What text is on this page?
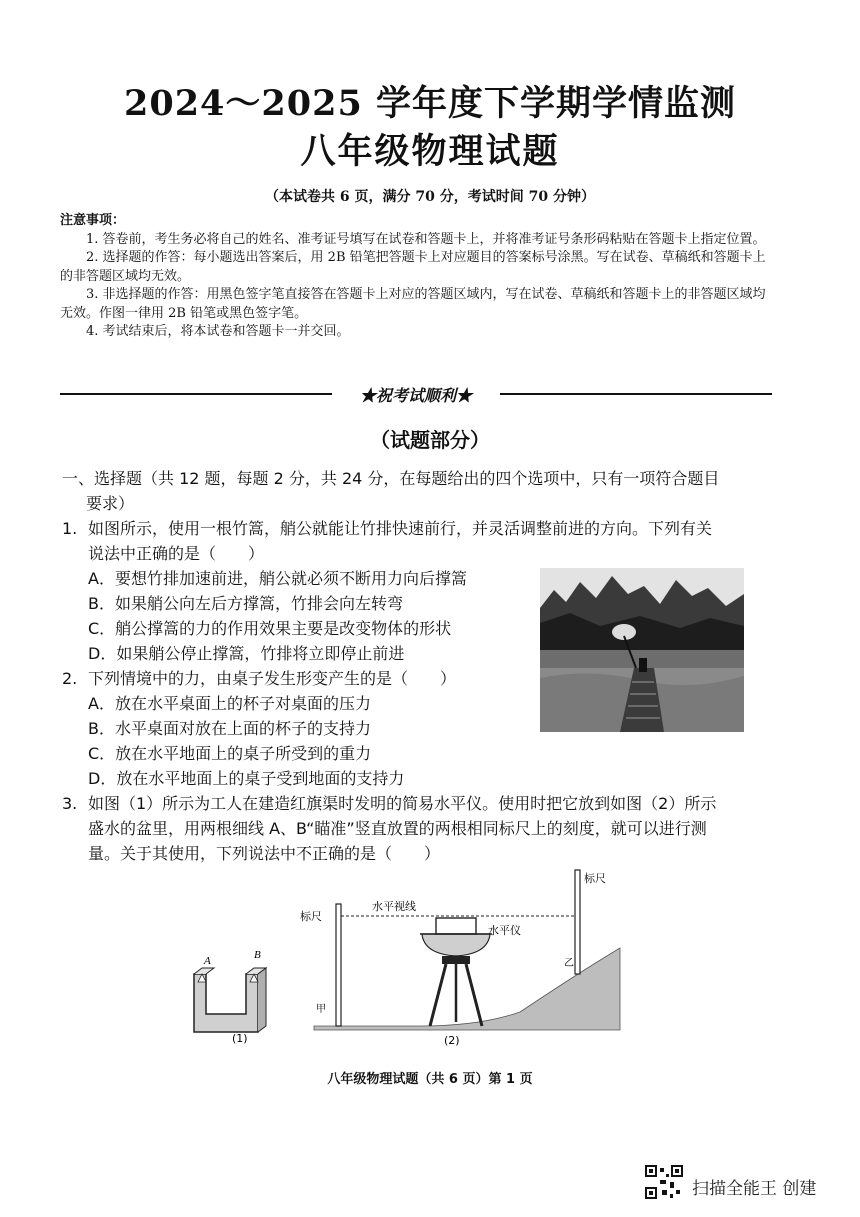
2024～2025 学年度下学期学情监测
八年级物理试题
（本试卷共 6 页，满分 70 分，考试时间 70 分钟）
注意事项：

1. 答卷前，考生务必将自己的姓名、准考证号填写在试卷和答题卡上，并将准考证号条形码粘贴在答题卡上指定位置。

2. 选择题的作答：每小题选出答案后，用 2B 铅笔把答题卡上对应题目的答案标号涂黑。写在试卷、草稿纸和答题卡上的非答题区域均无效。

3. 非选择题的作答：用黑色签字笔直接答在答题卡上对应的答题区域内，写在试卷、草稿纸和答题卡上的非答题区域均无效。作图一律用 2B 铅笔或黑色签字笔。

4. 考试结束后，将本试卷和答题卡一并交回。

★祝考试顺利★
（试题部分）
一、选择题（共 12 题，每题 2 分，共 24 分，在每题给出的四个选项中，只有一项符合题目
要求）
1. 如图所示，使用一根竹篙，艄公就能让竹排快速前行，并灵活调整前进的方向。下列有关
说法中正确的是（　　）
A．要想竹排加速前进，艄公就必须不断用力向后撑篙
B．如果艄公向左后方撑篙，竹排会向左转弯
C．艄公撑篙的力的作用效果主要是改变物体的形状
D．如果艄公停止撑篙，竹排将立即停止前进
2. 下列情境中的力，由桌子发生形变产生的是（　　）
A．放在水平桌面上的杯子对桌面的压力
B．水平桌面对放在上面的杯子的支持力
C．放在水平地面上的桌子所受到的重力
D．放在水平地面上的桌子受到地面的支持力
3. 如图（1）所示为工人在建造红旗渠时发明的简易水平仪。使用时把它放到如图（2）所示
盛水的盆里，用两根细线 A、B“瞄准”竖直放置的两根相同标尺上的刻度，就可以进行测
量。关于其使用，下列说法中不正确的是（　　）
A	B
(1)
标尺
甲
标尺
乙
水平视线
水平仪
(2)
八年级物理试题（共 6 页）第 1 页
扫描全能王 创建
